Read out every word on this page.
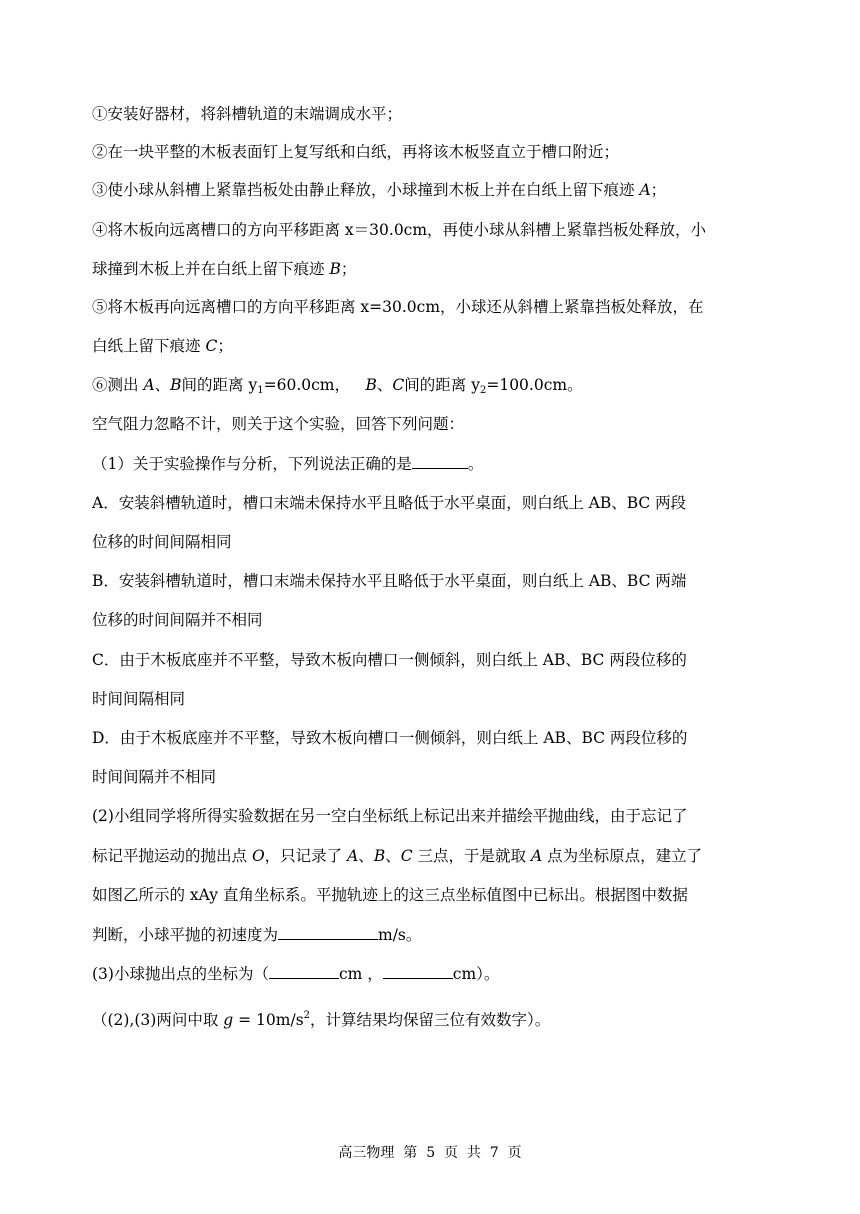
①安装好器材，将斜槽轨道的末端调成水平；
②在一块平整的木板表面钉上复写纸和白纸，再将该木板竖直立于槽口附近；
③使小球从斜槽上紧靠挡板处由静止释放，小球撞到木板上并在白纸上留下痕迹 A；
④将木板向远离槽口的方向平移距离 x＝30.0cm，再使小球从斜槽上紧靠挡板处释放，小
球撞到木板上并在白纸上留下痕迹 B；
⑤将木板再向远离槽口的方向平移距离 x=30.0cm，小球还从斜槽上紧靠挡板处释放，在
白纸上留下痕迹 C；
⑥测出 A、B间的距离 $y_1=60.0cm$，  B、C间的距离 $y_2=100.0cm$。
空气阻力忽略不计，则关于这个实验，回答下列问题：
（1）关于实验操作与分析，下列说法正确的是	。
A．安装斜槽轨道时，槽口末端未保持水平且略低于水平桌面，则白纸上 AB、BC 两段
位移的时间间隔相同
B．安装斜槽轨道时，槽口末端未保持水平且略低于水平桌面，则白纸上 AB、BC 两端
位移的时间间隔并不相同
C．由于木板底座并不平整，导致木板向槽口一侧倾斜，则白纸上 AB、BC 两段位移的
时间间隔相同
D．由于木板底座并不平整，导致木板向槽口一侧倾斜，则白纸上 AB、BC 两段位移的
时间间隔并不相同
(2)小组同学将所得实验数据在另一空白坐标纸上标记出来并描绘平抛曲线，由于忘记了
标记平抛运动的抛出点 O，只记录了 A、B、C 三点，于是就取 A 点为坐标原点，建立了
如图乙所示的 xAy 直角坐标系。平抛轨迹上的这三点坐标值图中已标出。根据图中数据
判断，小球平抛的初速度为	m/s。
(3)小球抛出点的坐标为（	cm ，	cm）。
（(2),(3)两问中取 $g = 10m/s^2$，计算结果均保留三位有效数字）。
高三物理  第  5  页  共  7  页
